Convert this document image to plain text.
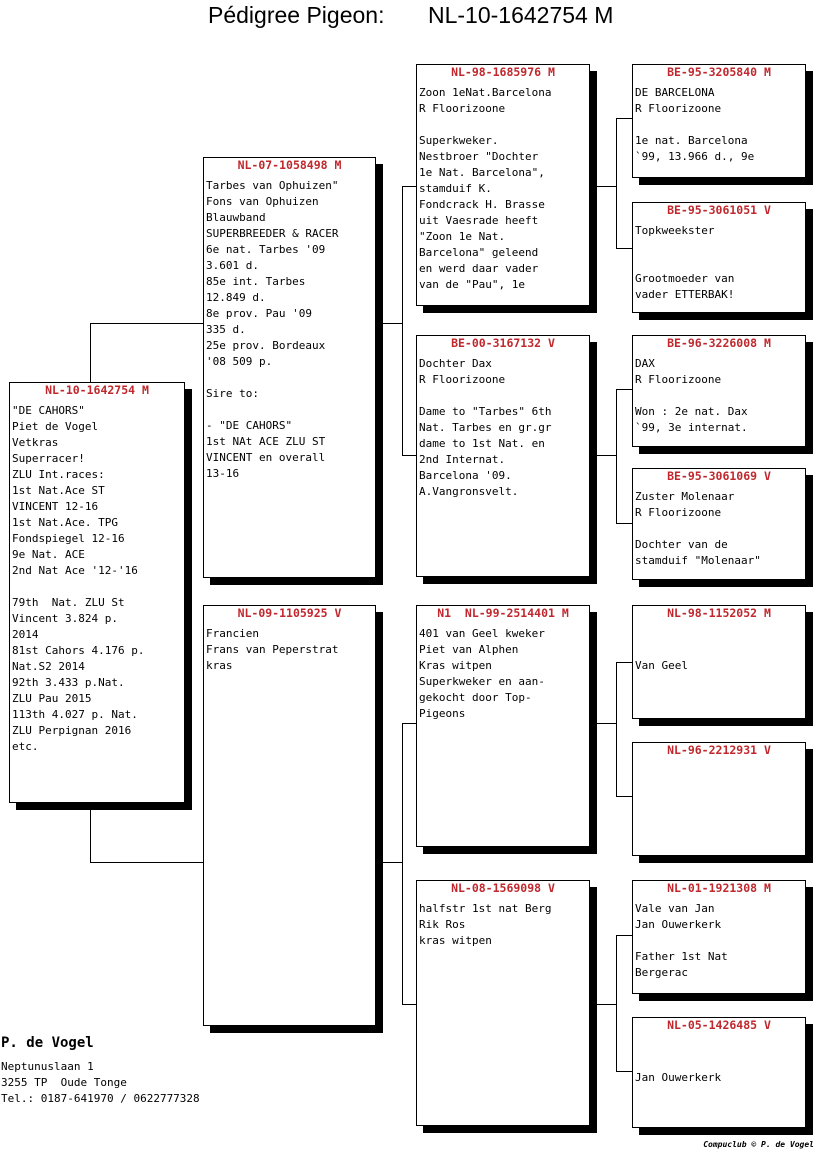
Pédigree Pigeon: NL-10-1642754 M
NL-10-1642754 M
"DE CAHORS"
Piet de Vogel
Vetkras
Superracer!
ZLU Int.races:
1st Nat.Ace ST
VINCENT 12-16
1st Nat.Ace. TPG
Fondspiegel 12-16
9e Nat. ACE
2nd Nat Ace '12-'16

79th  Nat. ZLU St
Vincent 3.824 p.
2014
81st Cahors 4.176 p.
Nat.S2 2014
92th 3.433 p.Nat.
ZLU Pau 2015
113th 4.027 p. Nat.
ZLU Perpignan 2016
etc.
NL-07-1058498 M
Tarbes van Ophuizen"
Fons van Ophuizen
Blauwband
SUPERBREEDER & RACER
6e nat. Tarbes '09
3.601 d.
85e int. Tarbes
12.849 d.
8e prov. Pau '09
335 d.
25e prov. Bordeaux
'08 509 p.

Sire to:

- "DE CAHORS"
1st NAt ACE ZLU ST
VINCENT en overall
13-16
NL-09-1105925 V
Francien
Frans van Peperstrat
kras
NL-98-1685976 M
Zoon 1eNat.Barcelona
R Floorizoone

Superkweker.
Nestbroer "Dochter
1e Nat. Barcelona",
stamduif K.
Fondcrack H. Brasse
uit Vaesrade heeft
"Zoon 1e Nat.
Barcelona" geleend
en werd daar vader
van de "Pau", 1e
BE-00-3167132 V
Dochter Dax
R Floorizoone

Dame to "Tarbes" 6th
Nat. Tarbes en gr.gr
dame to 1st Nat. en
2nd Internat.
Barcelona '09.
A.Vangronsvelt.
N1  NL-99-2514401 M
401 van Geel kweker
Piet van Alphen
Kras witpen
Superkweker en aan-
gekocht door Top-
Pigeons
NL-08-1569098 V
halfstr 1st nat Berg
Rik Ros
kras witpen
BE-95-3205840 M
DE BARCELONA
R Floorizoone

1e nat. Barcelona
`99, 13.966 d., 9e
BE-95-3061051 V
Topkweekster

Grootmoeder van
vader ETTERBAK!
BE-96-3226008 M
DAX
R Floorizoone

Won : 2e nat. Dax
`99, 3e internat.
BE-95-3061069 V
Zuster Molenaar
R Floorizoone

Dochter van de
stamduif "Molenaar"
NL-98-1152052 M

Van Geel
NL-96-2212931 V
NL-01-1921308 M
Vale van Jan
Jan Ouwerkerk

Father 1st Nat
Bergerac
NL-05-1426485 V

Jan Ouwerkerk
P. de Vogel
Neptunuslaan 1
3255 TP  Oude Tonge
Tel.: 0187-641970 / 0622777328
Compuclub © P. de Vogel
